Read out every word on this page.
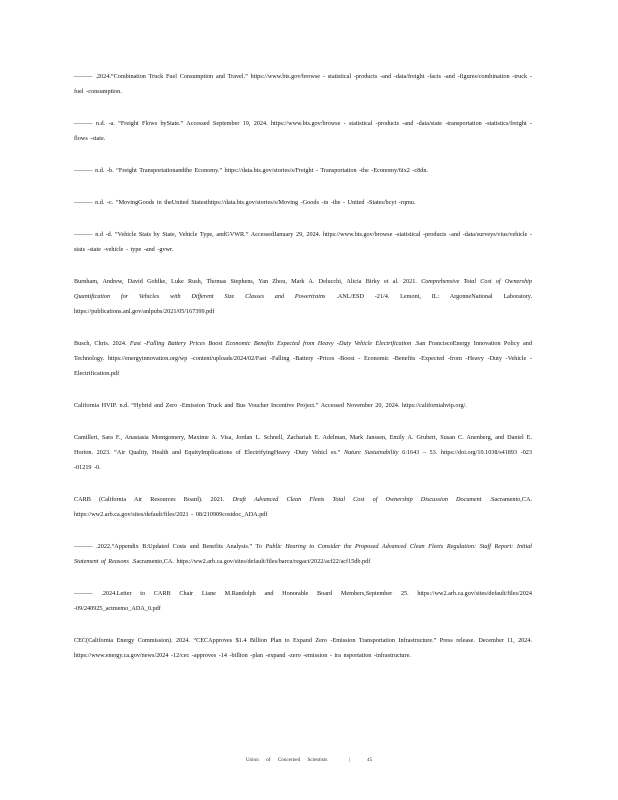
——— .2024.“Combination Truck Fuel Consumption and Travel.” https://www.bts.gov/browse - statistical -products -and -data/freight -facts -and -figures/combination -truck -fuel -consumption.

——— n.d. -a. “Freight Flows byState.” Accessed September 19, 2024. https://www.bts.gov/browse - statistical -products -and -data/state -transportation -statistics/freight -flows -state.

——— n.d. -b. “Freight Transportationandthe Economy.” https://data.bts.gov/stories/s/Freight - Transportation -the -Economy/6ix2 -c8dn.

——— n.d. -c. “MovingGoods in theUnited Statesthttps://data.bts.gov/stories/s/Moving -Goods -in -the - United -States/bcyt -rqmu.

——— n.d -d. “Vehicle Stats by State, Vehicle Type, andGVWR.” AccessedJanuary 29, 2024. https://www.bts.gov/browse -statistical -products -and -data/surveys/vius/vehicle -stats -state -vehicle - type -and -gvwr.

Burnham, Andrew, David Gohlke, Luke Rush, Thomas Stephens, Yan Zhou, Mark A. Delucchi, Alicia Birky et al. 2021. Comprehensive Total Cost of Ownership Quantification for Vehicles with Different Size Classes and Powertrains .ANL/ESD -21/4. Lemont, IL: ArgonneNational Laboratory. https://publications.anl.gov/anlpubs/2021/05/167399.pdf

Busch, Chris. 2024. Fast -Falling Battery Prices Boost Economic Benefits Expected from Heavy -Duty Vehicle Electrification .San FranciscoEnergy Innovation Policy and Technology. https://energyinnovation.org/wp -content/uploads/2024/02/Fast -Falling -Battery -Prices -Boost - Economic -Benefits -Expected -from -Heavy -Duty -Vehicle -Electrification.pdf

California HVIP. n.d. “Hybrid and Zero -Emission Truck and Bus Voucher Incentive Project.” Accessed November 20, 2024. https://californiahvip.org/.

Camilleri, Sara F., Anastasia Montgomery, Maxime A. Visa, Jordan L. Schnell, Zachariah E. Adelman, Mark Janssen, Emily A. Grubert, Susan C. Anenberg, and Daniel E. Horton. 2023. “Air Quality, Health and EquityImplications of ElectrifyingHeavy -Duty Vehicl es.” Nature Sustainability 6:1643 – 53. https://doi.org/10.1038/s41893 -023 -01219 -0.

CARB (California Air Resources Board). 2021. Draft Advanced Clean Fleets Total Cost of Ownership Discussion Document .Sacramento,CA. https://ww2.arb.ca.gov/sites/default/files/2021 - 08/210909costdoc_ADA.pdf

——— .2022.“Appendix B:Updated Costs and Benefits Analysis.” To Public Hearing to Consider the Proposed Advanced Clean Fleets Regulation: Staff Report: Initial Statement of Reasons .Sacramento,CA. https://ww2.arb.ca.gov/sites/default/files/barcu/regact/2022/acf22/acf15db.pdf

——— .2024.Letter to CARB Chair Liane M.Randolph and Honorable Board Members,September 25. https://ww2.arb.ca.gov/sites/default/files/2024 -09/240925_actmemo_ADA_0.pdf

CEC(California Energy Commission). 2024. “CECApproves $1.4 Billion Plan to Expand Zero -Emission Transportation Infrastructure.” Press release. December 11, 2024. https://www.energy.ca.gov/news/2024 -12/cec -approves -14 -billion -plan -expand -zero -emission - tra nsportation -infrastructure.

Union of Concerned Scientists	|	45
